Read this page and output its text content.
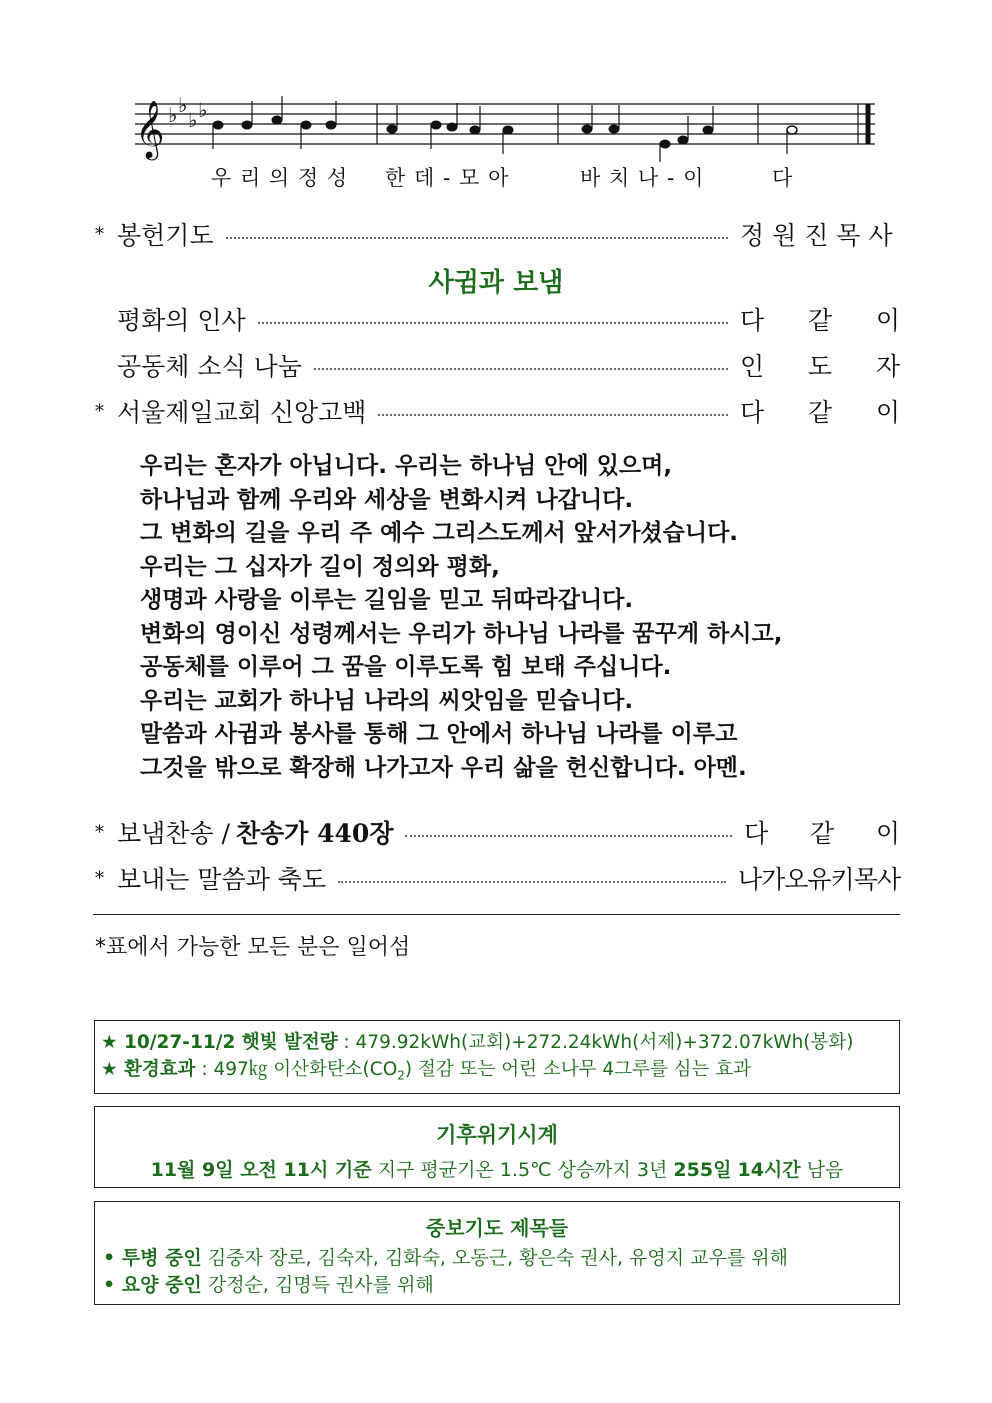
𝄞 ♭ ♭
♭ ♭
우 리 의 정 성 한 데 - 모 아	바 치 나 - 이	다
* 봉헌기도	정 원 진 목 사
사귐과 보냄
평화의 인사	다 같 이
공동체 소식 나눔	인 도 자
* 서울제일교회 신앙고백	다 같 이
우리는 혼자가 아닙니다. 우리는 하나님 안에 있으며,
하나님과 함께 우리와 세상을 변화시켜 나갑니다.
그 변화의 길을 우리 주 예수 그리스도께서 앞서가셨습니다.
우리는 그 십자가 길이 정의와 평화,
생명과 사랑을 이루는 길임을 믿고 뒤따라갑니다.
변화의 영이신 성령께서는 우리가 하나님 나라를 꿈꾸게 하시고,
공동체를 이루어 그 꿈을 이루도록 힘 보태 주십니다.
우리는 교회가 하나님 나라의 씨앗임을 믿습니다.
말씀과 사귐과 봉사를 통해 그 안에서 하나님 나라를 이루고
그것을 밖으로 확장해 나가고자 우리 삶을 헌신합니다. 아멘.
* 보냄찬송 / 찬송가 440장	다 같 이
* 보내는 말씀과 축도	나가오유키목사
*표에서 가능한 모든 분은 일어섬
★ 10/27-11/2 햇빛 발전량 : 479.92kWh(교회)+272.24kWh(서제)+372.07kWh(봉화)
★ 환경효과 : 497㎏ 이산화탄소$(CO_2)$ 절감 또는 어린 소나무 4그루를 심는 효과
기후위기시계
11월 9일 오전 11시 기준 지구 평균기온 1.5℃ 상승까지 3년 255일 14시간 남음
중보기도 제목들
• 투병 중인 김중자 장로, 김숙자, 김화숙, 오동근, 황은숙 권사, 유영지 교우를 위해
• 요양 중인 강정순, 김명득 권사를 위해
